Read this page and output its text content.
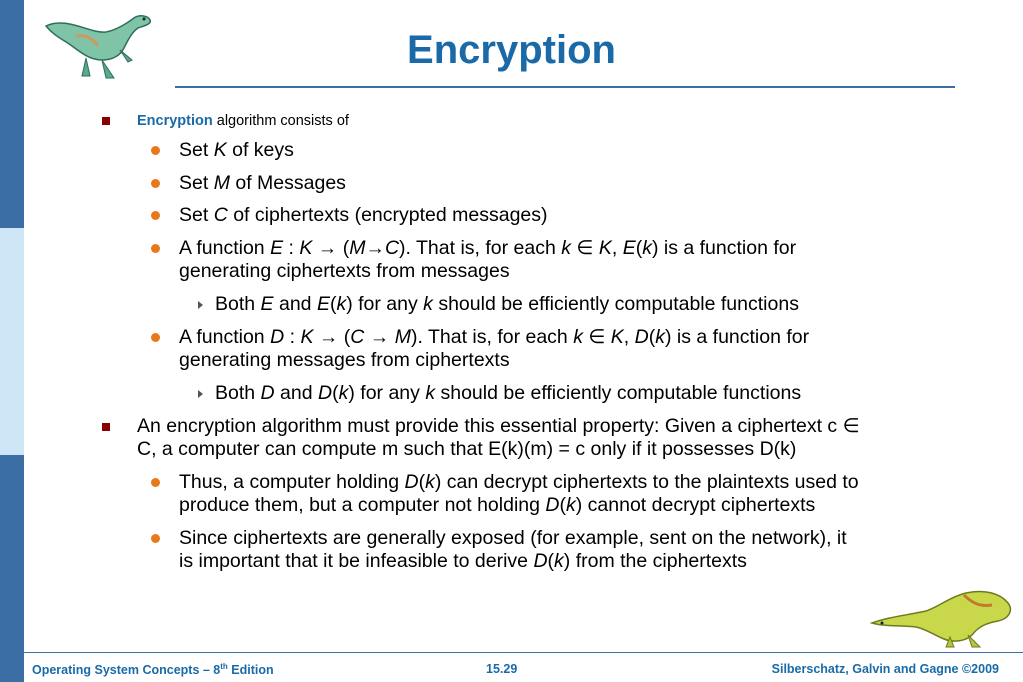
Encryption
Encryption algorithm consists of
Set K of keys
Set M of Messages
Set C of ciphertexts (encrypted messages)
A function E : K → (M→C). That is, for each k ∈ K, E(k) is a function for
generating ciphertexts from messages
Both E and E(k) for any k should be efficiently computable functions
A function D : K → (C → M). That is, for each k ∈ K, D(k) is a function for
generating messages from ciphertexts
Both D and D(k) for any k should be efficiently computable functions
An encryption algorithm must provide this essential property: Given a ciphertext c ∈
C, a computer can compute m such that E(k)(m) = c only if it possesses D(k)
Thus, a computer holding D(k) can decrypt ciphertexts to the plaintexts used to
produce them, but a computer not holding D(k) cannot decrypt ciphertexts
Since ciphertexts are generally exposed (for example, sent on the network), it
is important that it be infeasible to derive D(k) from the ciphertexts
Operating System Concepts – 8th Edition	15.29	Silberschatz, Galvin and Gagne ©2009
